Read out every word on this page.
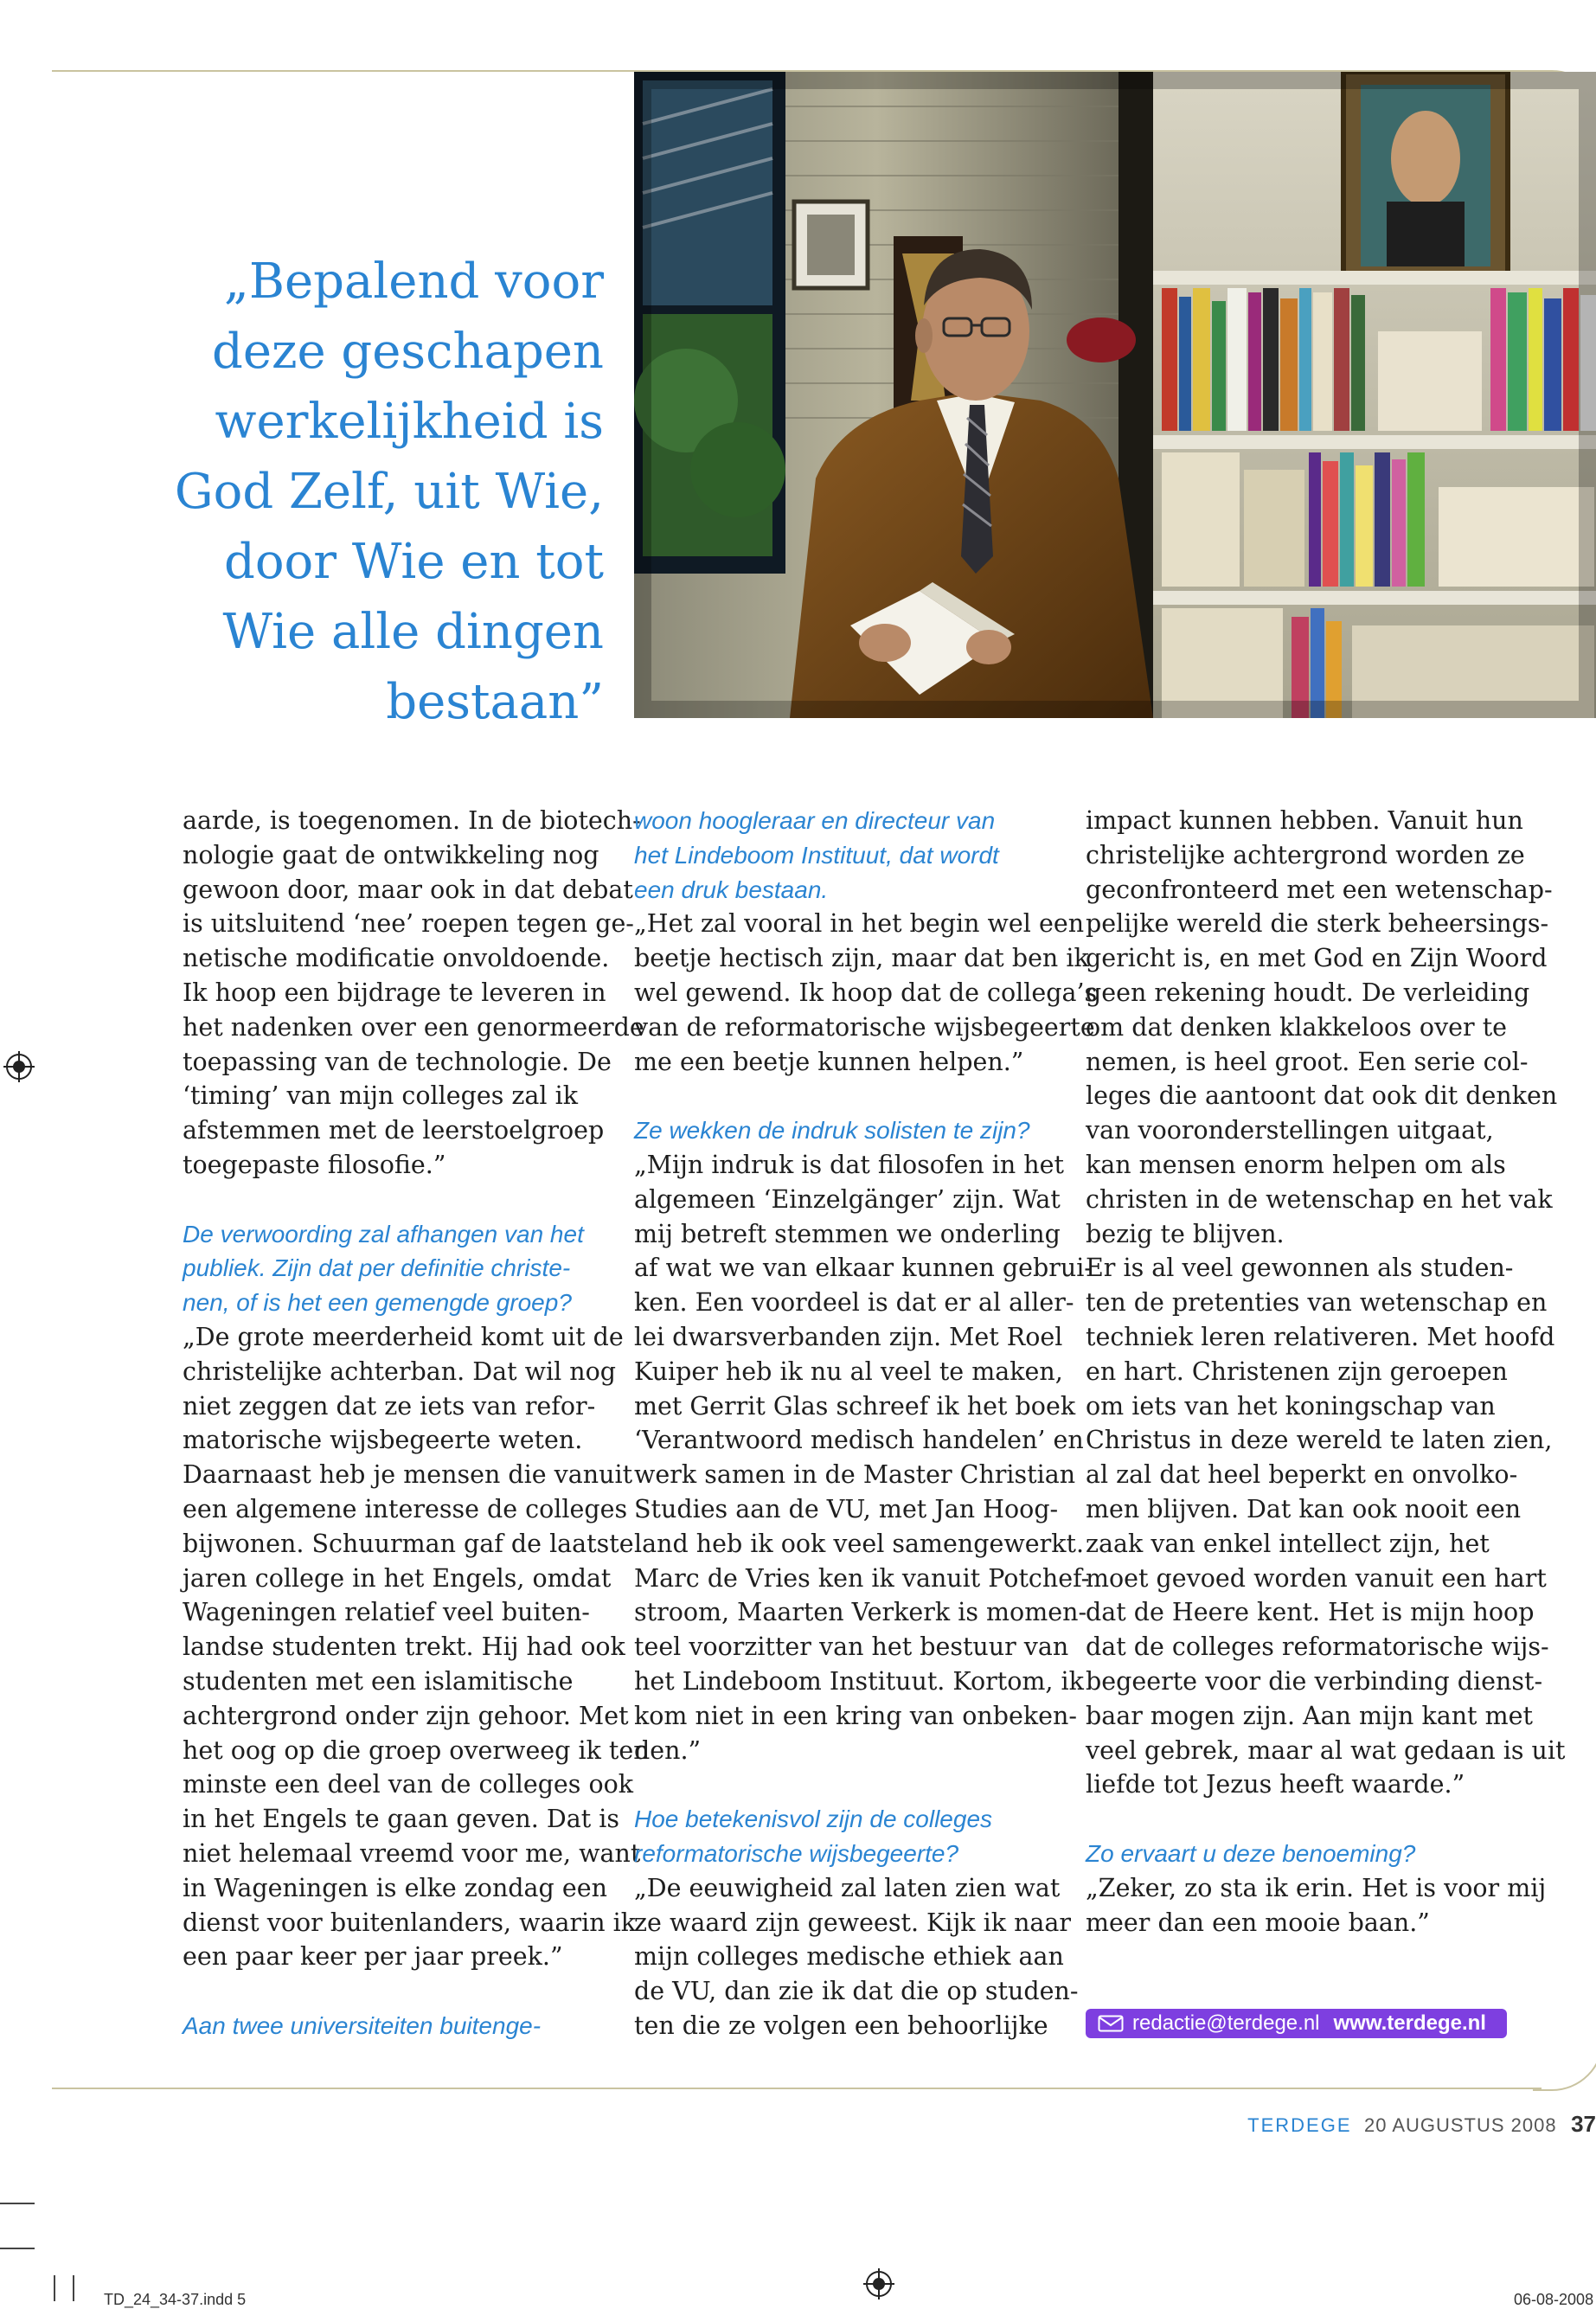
„Bepalend voor
deze geschapen
werkelijkheid is
God Zelf, uit Wie,
door Wie en tot
Wie alle dingen
bestaan”
aarde, is toegenomen. In de biotech-
nologie gaat de ontwikkeling nog
gewoon door, maar ook in dat debat
is uitsluitend ‘nee’ roepen tegen ge-
netische modificatie onvoldoende.
Ik hoop een bijdrage te leveren in
het nadenken over een genormeerde
toepassing van de technologie. De
‘timing’ van mijn colleges zal ik
afstemmen met de leerstoelgroep
toegepaste filosofie.”
De verwoording zal afhangen van het
publiek. Zijn dat per definitie christe-
nen, of is het een gemengde groep?
„De grote meerderheid komt uit de
christelijke achterban. Dat wil nog
niet zeggen dat ze iets van refor-
matorische wijsbegeerte weten.
Daarnaast heb je mensen die vanuit
een algemene interesse de colleges
bijwonen. Schuurman gaf de laatste
jaren college in het Engels, omdat
Wageningen relatief veel buiten-
landse studenten trekt. Hij had ook
studenten met een islamitische
achtergrond onder zijn gehoor. Met
het oog op die groep overweeg ik ten
minste een deel van de colleges ook
in het Engels te gaan geven. Dat is
niet helemaal vreemd voor me, want
in Wageningen is elke zondag een
dienst voor buitenlanders, waarin ik
een paar keer per jaar preek.”
Aan twee universiteiten buitenge-
woon hoogleraar en directeur van
het Lindeboom Instituut, dat wordt
een druk bestaan.
„Het zal vooral in het begin wel een
beetje hectisch zijn, maar dat ben ik
wel gewend. Ik hoop dat de collega’s
van de reformatorische wijsbegeerte
me een beetje kunnen helpen.”
Ze wekken de indruk solisten te zijn?
„Mijn indruk is dat filosofen in het
algemeen ‘Einzelgänger’ zijn. Wat
mij betreft stemmen we onderling
af wat we van elkaar kunnen gebrui-
ken. Een voordeel is dat er al aller-
lei dwarsverbanden zijn. Met Roel
Kuiper heb ik nu al veel te maken,
met Gerrit Glas schreef ik het boek
‘Verantwoord medisch handelen’ en
werk samen in de Master Christian
Studies aan de VU, met Jan Hoog-
land heb ik ook veel samengewerkt.
Marc de Vries ken ik vanuit Potchef-
stroom, Maarten Verkerk is momen-
teel voorzitter van het bestuur van
het Lindeboom Instituut. Kortom, ik
kom niet in een kring van onbeken-
den.”
Hoe betekenisvol zijn de colleges
reformatorische wijsbegeerte?
„De eeuwigheid zal laten zien wat
ze waard zijn geweest. Kijk ik naar
mijn colleges medische ethiek aan
de VU, dan zie ik dat die op studen-
ten die ze volgen een behoorlijke
impact kunnen hebben. Vanuit hun
christelijke achtergrond worden ze
geconfronteerd met een wetenschap-
pelijke wereld die sterk beheersings-
gericht is, en met God en Zijn Woord
geen rekening houdt. De verleiding
om dat denken klakkeloos over te
nemen, is heel groot. Een serie col-
leges die aantoont dat ook dit denken
van vooronderstellingen uitgaat,
kan mensen enorm helpen om als
christen in de wetenschap en het vak
bezig te blijven.
Er is al veel gewonnen als studen-
ten de pretenties van wetenschap en
techniek leren relativeren. Met hoofd
en hart. Christenen zijn geroepen
om iets van het koningschap van
Christus in deze wereld te laten zien,
al zal dat heel beperkt en onvolko-
men blijven. Dat kan ook nooit een
zaak van enkel intellect zijn, het
moet gevoed worden vanuit een hart
dat de Heere kent. Het is mijn hoop
dat de colleges reformatorische wijs-
begeerte voor die verbinding dienst-
baar mogen zijn. Aan mijn kant met
veel gebrek, maar al wat gedaan is uit
liefde tot Jezus heeft waarde.”
Zo ervaart u deze benoeming?
„Zeker, zo sta ik erin. Het is voor mij
meer dan een mooie baan.”
redactie@terdege.nl www.terdege.nl
TERDEGE 20 AUGUSTUS 2008 37
TD_24_34-37.indd 5	06-08-2008
